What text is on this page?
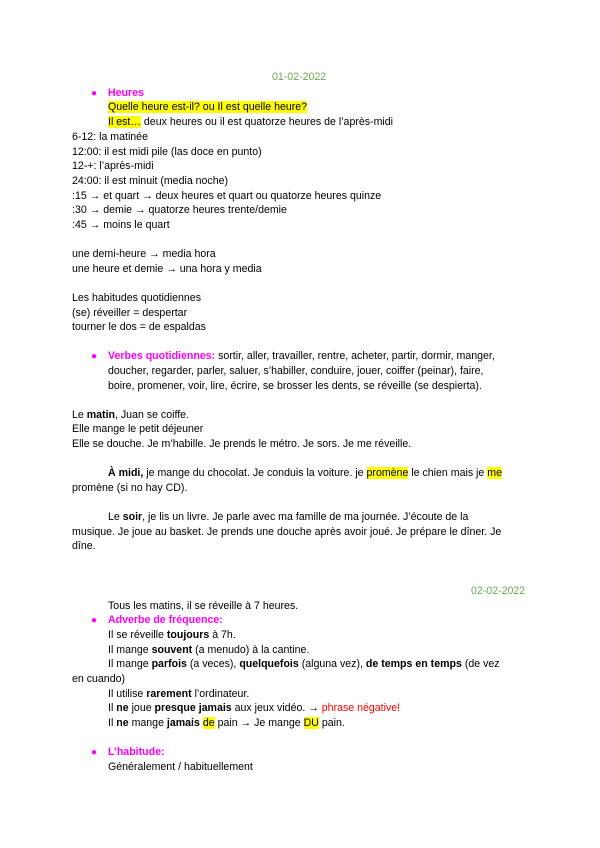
01-02-2022
● Heures
Quelle heure est-il? ou Il est quelle heure?
Il est… deux heures ou il est quatorze heures de l’après-midi
6-12: la matinée
12:00: il est midi pile (las doce en punto)
12-+: l’après-midi
24:00: il est minuit (media noche)
:15 → et quart → deux heures et quart ou quatorze heures quinze
:30 → demie → quatorze heures trente/demie
:45 → moins le quart
une demi-heure → media hora
une heure et demie → una hora y media
Les habitudes quotidiennes
(se) réveiller = despertar
tourner le dos = de espaldas
● Verbes quotidiennes: sortir, aller, travailler, rentre, acheter, partir, dormir, manger,
doucher, regarder, parler, saluer, s’habiller, conduire, jouer, coiffer (peinar), faire,
boire, promener, voir, lire, écrire, se brosser les dents, se réveille (se despierta).
Le matin, Juan se coiffe.
Elle mange le petit déjeuner
Elle se douche. Je m’habille. Je prends le métro. Je sors. Je me réveille.
À midi, je mange du chocolat. Je conduis la voiture. je promène le chien mais je me
promène (si no hay CD).
Le soir, je lis un livre. Je parle avec ma famille de ma journée. J’écoute de la
musique. Je joue au basket. Je prends une douche après avoir joué. Je prépare le dîner. Je
dîne.
02-02-2022
Tous les matins, il se réveille à 7 heures.
● Adverbe de fréquence:
Il se réveille toujours à 7h.
Il mange souvent (a menudo) à la cantine.
Il mange parfois (a veces), quelquefois (alguna vez), de temps en temps (de vez
en cuando)
Il utilise rarement l’ordinateur.
Il ne joue presque jamais aux jeux vidéo. → phrase négative!
Il ne mange jamais de pain → Je mange DU pain.
● L’habitude:
Généralement / habituellement
